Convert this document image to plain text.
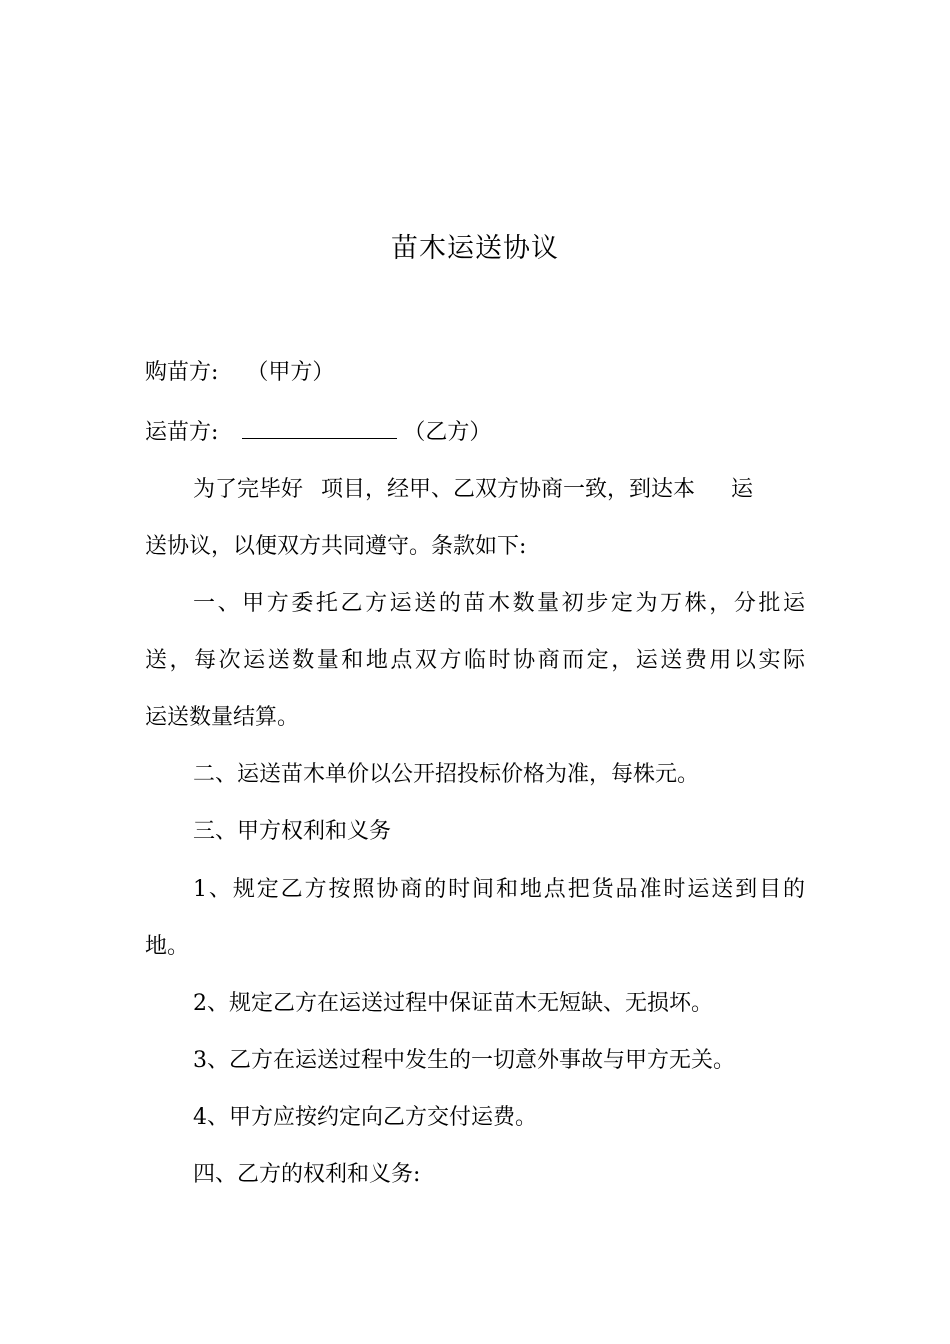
苗木运送协议
购苗方: （甲方）
运苗方:	（乙方）
为了完毕好 项目，经甲、乙双方协商一致，到达本 运
送协议，以便双方共同遵守。条款如下:
一、甲方委托乙方运送的苗木数量初步定为万株，分批运
送，每次运送数量和地点双方临时协商而定，运送费用以实际
运送数量结算。
二、运送苗木单价以公开招投标价格为准，每株元。
三、甲方权利和义务
1、规定乙方按照协商的时间和地点把货品准时运送到目的
地。
2、规定乙方在运送过程中保证苗木无短缺、无损坏。
3、乙方在运送过程中发生的一切意外事故与甲方无关。
4、甲方应按约定向乙方交付运费。
四、乙方的权利和义务:
